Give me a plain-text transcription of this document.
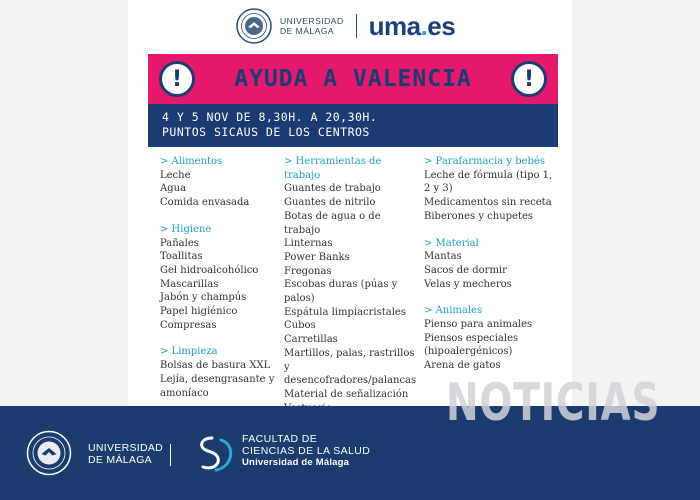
UNIVERSIDAD
DE MÁLAGA	uma.es
!	AYUDA A VALENCIA	!
4 Y 5 NOV DE 8,30H. A 20,30H.
PUNTOS SICAUS DE LOS CENTROS
> Alimentos
Leche
Agua
Comida envasada
> Higiene
Pañales
Toallitas
Gel hidroalcohólico
Mascarillas
Jabón y champús
Papel higiénico
Compresas
> Limpieza
Bolsas de basura XXL
Lejía, desengrasante y
amoníaco
> Herramientas de trabajo
Guantes de trabajo
Guantes de nitrilo
Botas de agua o de trabajo
Linternas
Power Banks
Fregonas
Escobas duras (púas y
palos)
Espátula limpiacristales
Cubos
Carretillas
Martillos, palas, rastrillos y
desencofradores/palancas
Material de señalización
> Parafarmacia y bebés
Leche de fórmula (tipo 1,
2 y 3)
Medicamentos sin receta
Biberones y chupetes
> Material
Mantas
Sacos de dormir
Velas y mecheros
> Animales
Pienso para animales
Piensos especiales
(hipoalergénicos)
Arena de gatos
UNIVERSIDAD
DE MÁLAGA
FACULTAD DE
CIENCIAS DE LA SALUD
Universidad de Málaga
NOTICIAS
